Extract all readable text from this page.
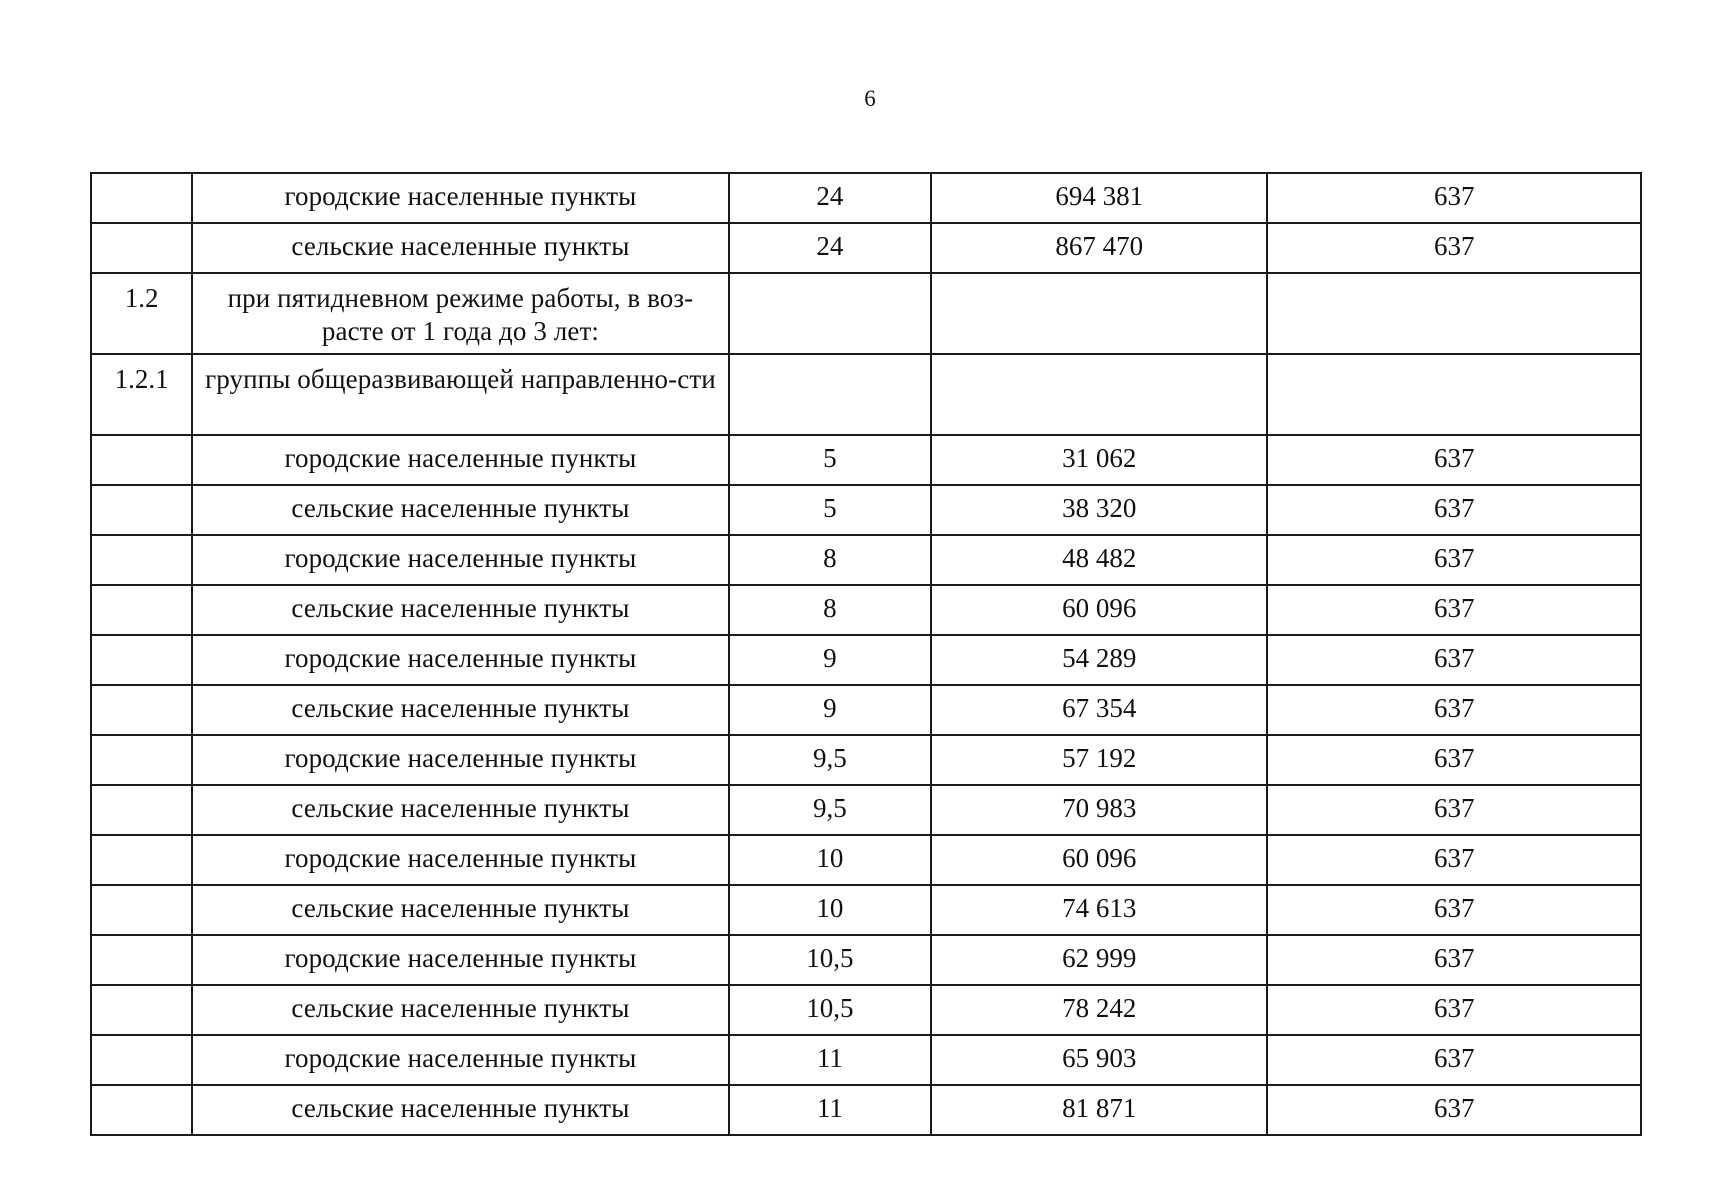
6
	городские населенные пункты	24	694 381	637
	сельские населенные пункты	24	867 470	637
1.2	при пятидневном режиме работы, в воз-раcте от 1 года до 3 лет:			
1.2.1	группы общеразвивающей направленно-сти			
	городские населенные пункты	5	31 062	637
	сельские населенные пункты	5	38 320	637
	городские населенные пункты	8	48 482	637
	сельские населенные пункты	8	60 096	637
	городские населенные пункты	9	54 289	637
	сельские населенные пункты	9	67 354	637
	городские населенные пункты	9,5	57 192	637
	сельские населенные пункты	9,5	70 983	637
	городские населенные пункты	10	60 096	637
	сельские населенные пункты	10	74 613	637
	городские населенные пункты	10,5	62 999	637
	сельские населенные пункты	10,5	78 242	637
	городские населенные пункты	11	65 903	637
	сельские населенные пункты	11	81 871	637
